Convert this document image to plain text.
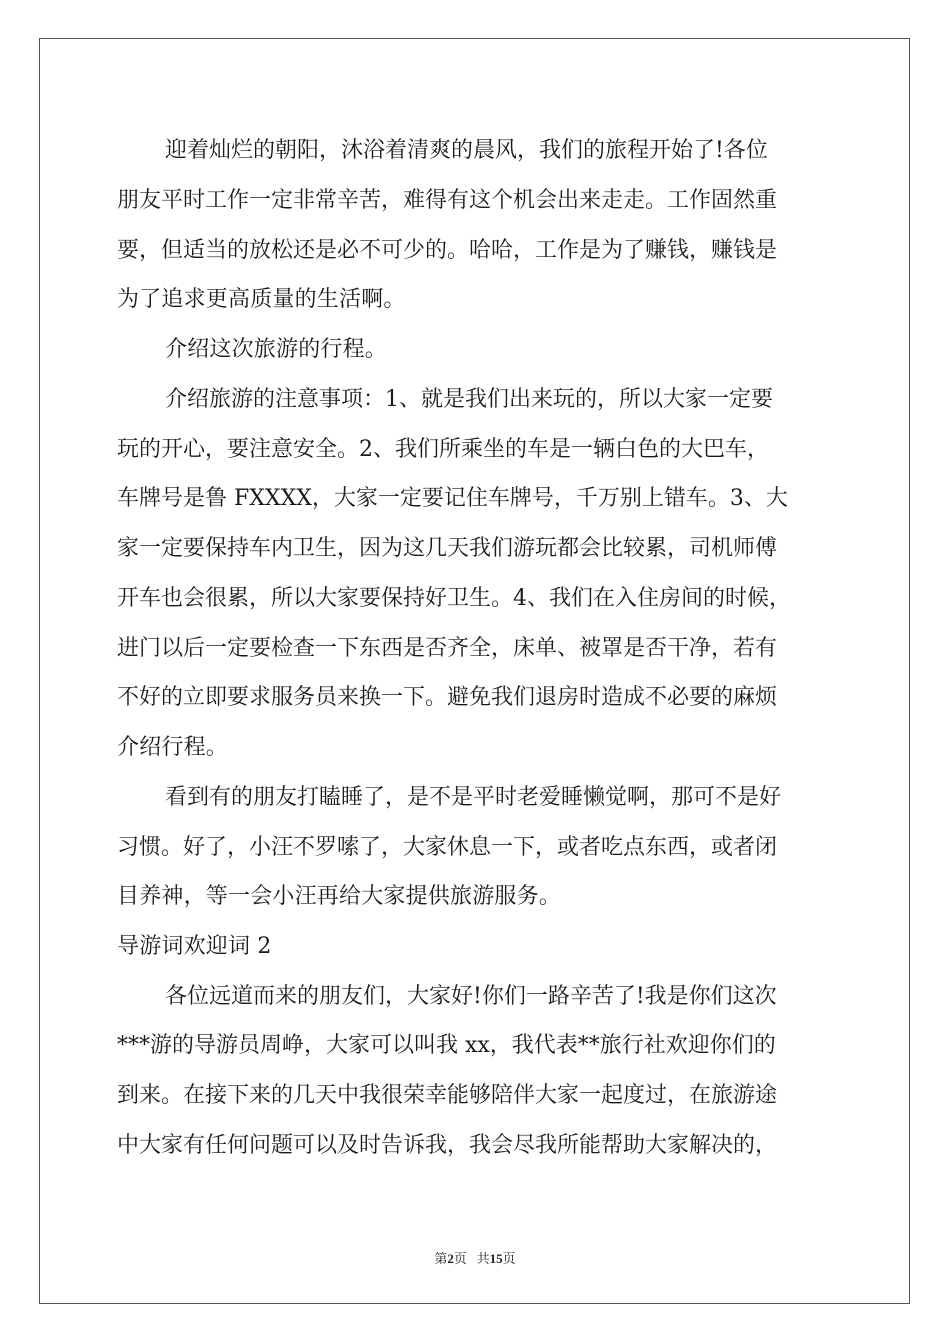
迎着灿烂的朝阳，沐浴着清爽的晨风，我们的旅程开始了!各位
朋友平时工作一定非常辛苦，难得有这个机会出来走走。工作固然重
要，但适当的放松还是必不可少的。哈哈，工作是为了赚钱，赚钱是
为了追求更高质量的生活啊。
介绍这次旅游的行程。
介绍旅游的注意事项：1、就是我们出来玩的，所以大家一定要
玩的开心，要注意安全。2、我们所乘坐的车是一辆白色的大巴车，
车牌号是鲁 FXXXX，大家一定要记住车牌号，千万别上错车。3、大
家一定要保持车内卫生，因为这几天我们游玩都会比较累，司机师傅
开车也会很累，所以大家要保持好卫生。4、我们在入住房间的时候，
进门以后一定要检查一下东西是否齐全，床单、被罩是否干净，若有
不好的立即要求服务员来换一下。避免我们退房时造成不必要的麻烦
介绍行程。
看到有的朋友打瞌睡了，是不是平时老爱睡懒觉啊，那可不是好
习惯。好了，小汪不罗嗦了，大家休息一下，或者吃点东西，或者闭
目养神，等一会小汪再给大家提供旅游服务。
导游词欢迎词 2
各位远道而来的朋友们，大家好!你们一路辛苦了!我是你们这次
***游的导游员周峥，大家可以叫我 xx，我代表**旅行社欢迎你们的
到来。在接下来的几天中我很荣幸能够陪伴大家一起度过，在旅游途
中大家有任何问题可以及时告诉我，我会尽我所能帮助大家解决的，
第2页 共15页
